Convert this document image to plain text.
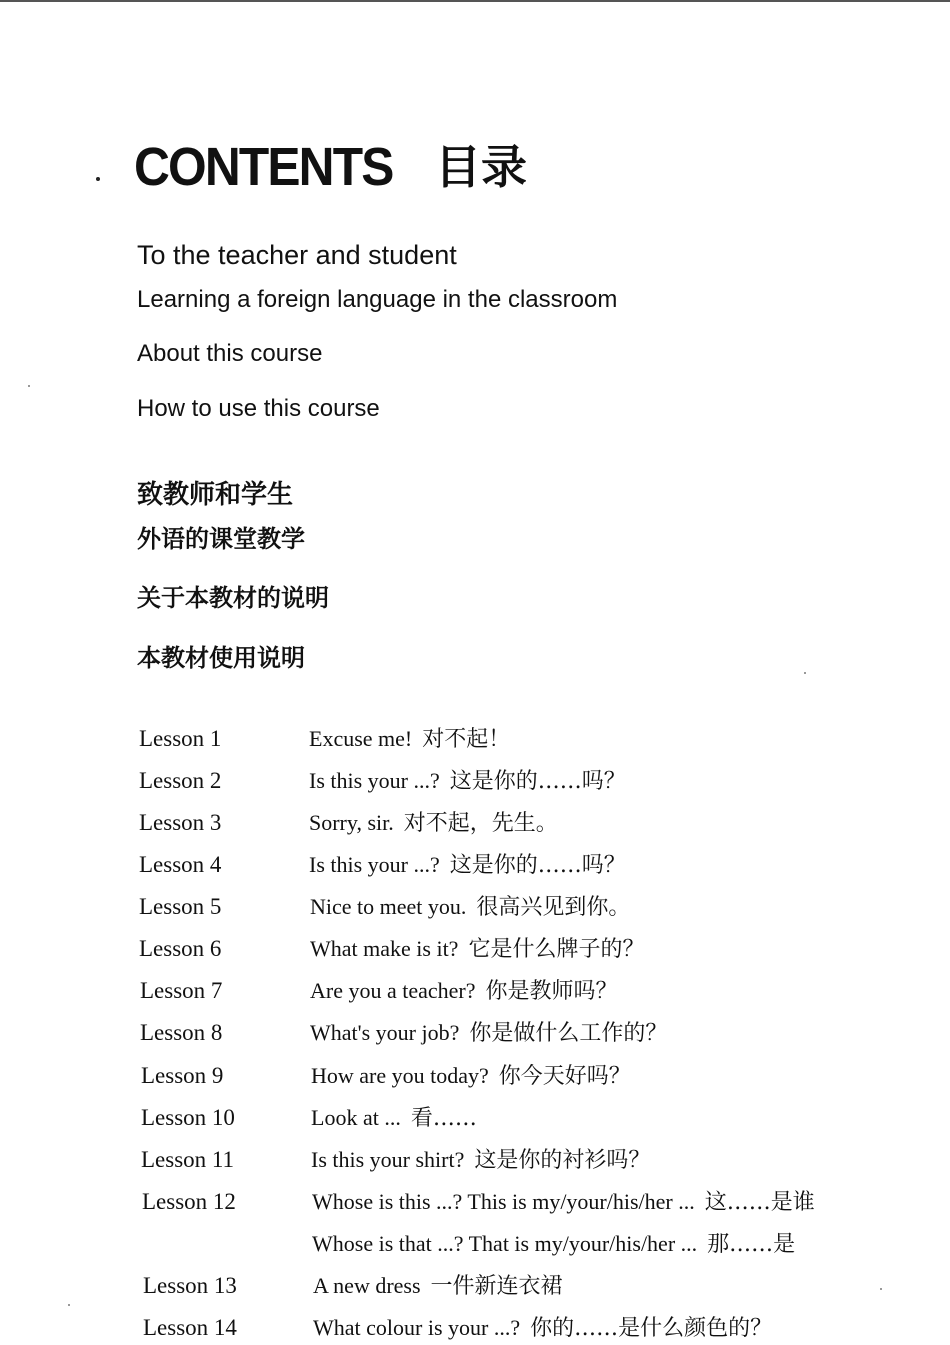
CONTENTS 目录
To the teacher and student
Learning a foreign language in the classroom
About this course
How to use this course
致教师和学生
外语的课堂教学
关于本教材的说明
本教材使用说明
Lesson 1	Excuse me! 对不起！
Lesson 2	Is this your ...? 这是你的……吗？
Lesson 3	Sorry, sir. 对不起，先生。
Lesson 4	Is this your ...? 这是你的……吗？
Lesson 5	Nice to meet you. 很高兴见到你。
Lesson 6	What make is it? 它是什么牌子的？
Lesson 7	Are you a teacher? 你是教师吗？
Lesson 8	What's your job? 你是做什么工作的？
Lesson 9	How are you today? 你今天好吗？
Lesson 10	Look at ... 看……
Lesson 11	Is this your shirt? 这是你的衬衫吗？
Lesson 12	Whose is this ...? This is my/your/his/her ... 这……是谁
Whose is that ...? That is my/your/his/her ... 那……是
Lesson 13	A new dress 一件新连衣裙
Lesson 14	What colour is your ...? 你的……是什么颜色的？
